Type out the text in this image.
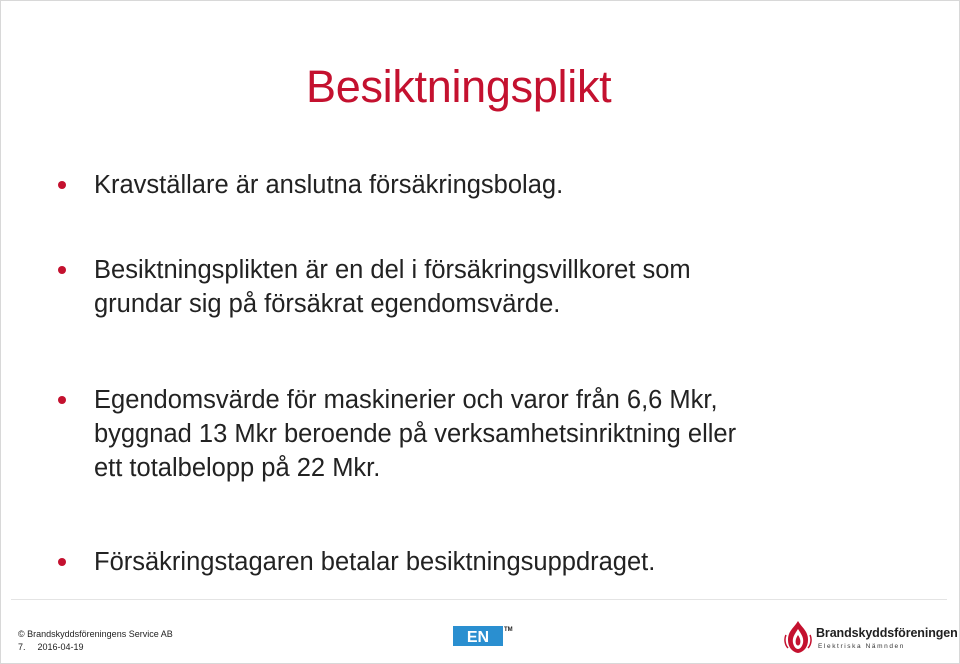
Besiktningsplikt
Kravställare är anslutna försäkringsbolag.
Besiktningsplikten är en del i försäkringsvillkoret som
grundar sig på försäkrat egendomsvärde.
Egendomsvärde för maskinerier och varor från 6,6 Mkr,
byggnad 13 Mkr beroende på verksamhetsinriktning eller
ett totalbelopp på 22 Mkr.
Försäkringstagaren betalar besiktningsuppdraget.
© Brandskyddsföreningens Service AB
7. 2016-04-19
EN TM	Brandskyddsföreningen
Elektriska Nämnden
